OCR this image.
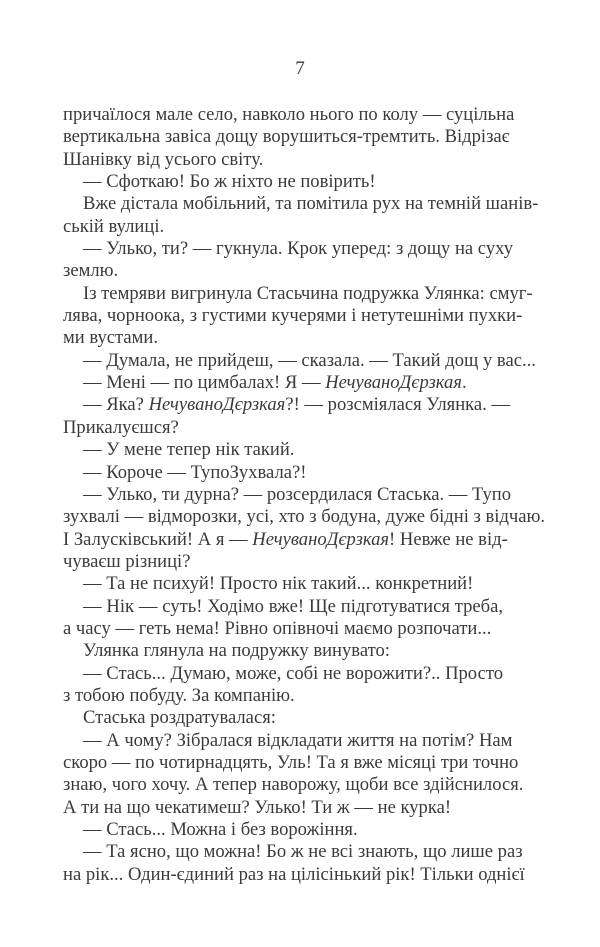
7
причаїлося мале село, навколо нього по колу — суцільна
вертикальна завіса дощу ворушиться-тремтить. Відрізає
Шанівку від усього світу.
— Сфоткаю! Бо ж ніхто не повірить!
Вже дістала мобільний, та помітила рух на темній шанів-
ській вулиці.
— Улько, ти? — гукнула. Крок уперед: з дощу на суху
землю.
Із темряви вигринула Стасьчина подружка Улянка: смуг-
лява, чорноока, з густими кучерями і нетутешніми пухки-
ми вустами.
— Думала, не прийдеш, — сказала. — Такий дощ у вас...
— Мені — по цимбалах! Я — НечуваноДєрзкая.
— Яка? НечуваноДєрзкая?! — розсміялася Улянка. —
Прикалуєшся?
— У мене тепер нік такий.
— Короче — ТупоЗухвала?!
— Улько, ти дурна? — розсердилася Стаська. — Тупо
зухвалі — відморозки, усі, хто з бодуна, дуже бідні з відчаю.
І Залусківський! А я — НечуваноДєрзкая! Невже не від-
чуваєш різниці?
— Та не психуй! Просто нік такий... конкретний!
— Нік — суть! Ходімо вже! Ще підготуватися треба,
а часу — геть нема! Рівно опівночі маємо розпочати...
Улянка глянула на подружку винувато:
— Стась... Думаю, може, собі не ворожити?.. Просто
з тобою побуду. За компанію.
Стаська роздратувалася:
— А чому? Зібралася відкладати життя на потім? Нам
скоро — по чотирнадцять, Уль! Та я вже місяці три точно
знаю, чого хочу. А тепер наворожу, щоби все здійснилося.
А ти на що чекатимеш? Улько! Ти ж — не курка!
— Стась... Можна і без ворожіння.
— Та ясно, що можна! Бо ж не всі знають, що лише раз
на рік... Один-єдиний раз на цілісінький рік! Тільки однієї
